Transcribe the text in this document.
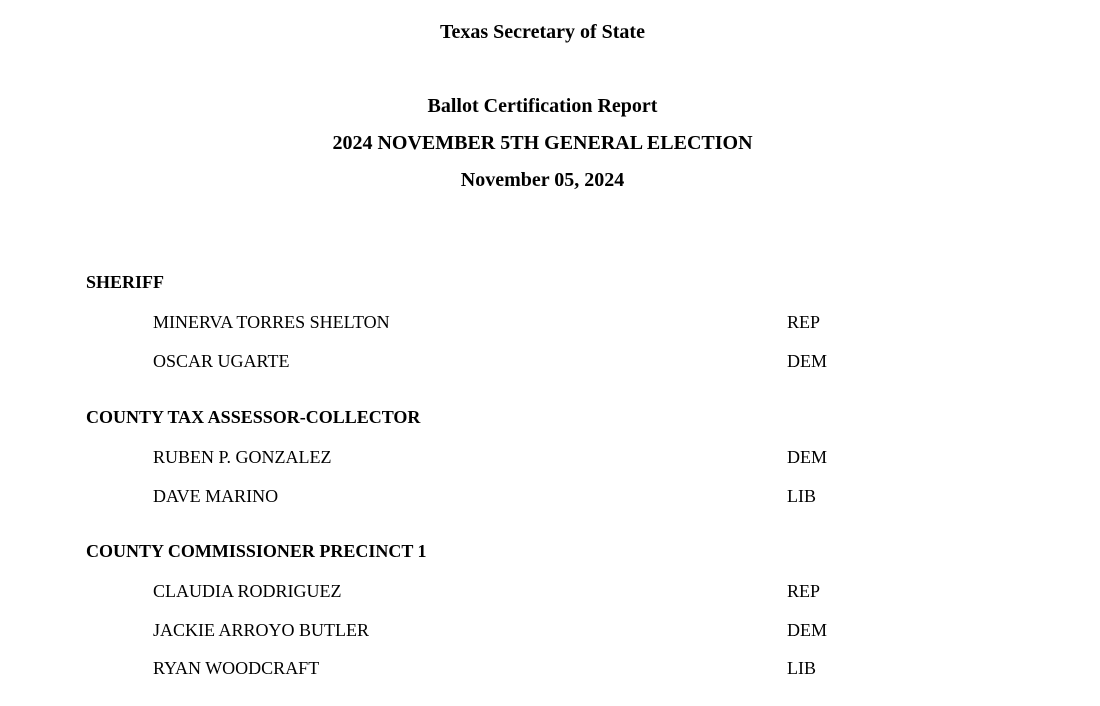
Texas Secretary of State
Ballot Certification Report
2024 NOVEMBER 5TH GENERAL ELECTION
November 05, 2024
SHERIFF
MINERVA TORRES SHELTON	REP
OSCAR UGARTE	DEM
COUNTY TAX ASSESSOR-COLLECTOR
RUBEN P. GONZALEZ	DEM
DAVE MARINO	LIB
COUNTY COMMISSIONER PRECINCT 1
CLAUDIA RODRIGUEZ	REP
JACKIE ARROYO BUTLER	DEM
RYAN WOODCRAFT	LIB
